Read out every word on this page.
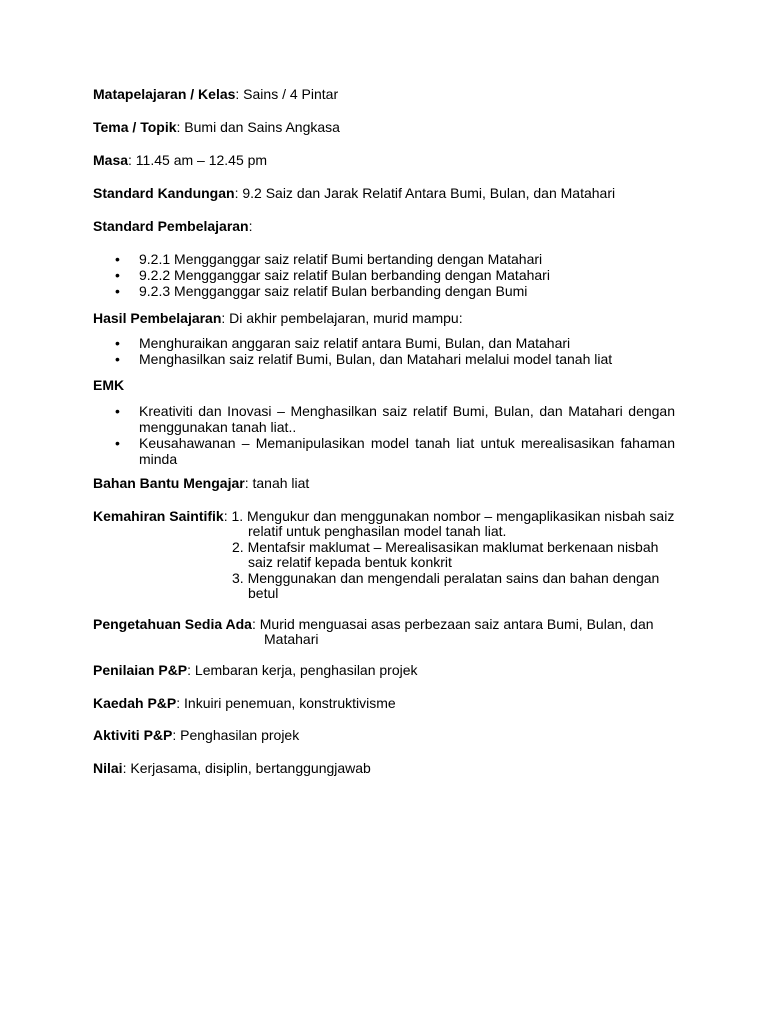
Matapelajaran / Kelas: Sains / 4 Pintar
Tema / Topik: Bumi dan Sains Angkasa
Masa: 11.45 am – 12.45 pm
Standard Kandungan: 9.2 Saiz dan Jarak Relatif Antara Bumi, Bulan, dan Matahari
Standard Pembelajaran:
• 9.2.1 Mengganggar saiz relatif Bumi bertanding dengan Matahari
• 9.2.2 Mengganggar saiz relatif Bulan berbanding dengan Matahari
• 9.2.3 Mengganggar saiz relatif Bulan berbanding dengan Bumi
Hasil Pembelajaran: Di akhir pembelajaran, murid mampu:
• Menghuraikan anggaran saiz relatif antara Bumi, Bulan, dan Matahari
• Menghasilkan saiz relatif Bumi, Bulan, dan Matahari melalui model tanah liat
EMK
• Kreativiti dan Inovasi – Menghasilkan saiz relatif Bumi, Bulan, dan Matahari dengan menggunakan tanah liat..
• Keusahawanan – Memanipulasikan model tanah liat untuk merealisasikan fahaman minda
Bahan Bantu Mengajar: tanah liat
Kemahiran Saintifik: 1. Mengukur dan menggunakan nombor – mengaplikasikan nisbah saiz
relatif untuk penghasilan model tanah liat.
2. Mentafsir maklumat – Merealisasikan maklumat berkenaan nisbah
saiz relatif kepada bentuk konkrit
3. Menggunakan dan mengendali peralatan sains dan bahan dengan
betul
Pengetahuan Sedia Ada: Murid menguasai asas perbezaan saiz antara Bumi, Bulan, dan
Matahari
Penilaian P&P: Lembaran kerja, penghasilan projek
Kaedah P&P: Inkuiri penemuan, konstruktivisme
Aktiviti P&P: Penghasilan projek
Nilai: Kerjasama, disiplin, bertanggungjawab
